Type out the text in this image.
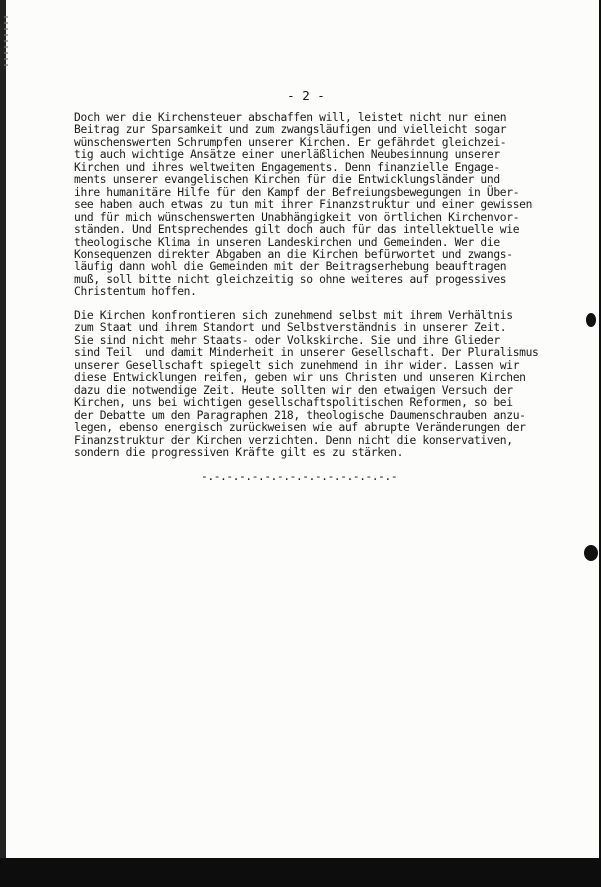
- 2 -
Doch wer die Kirchensteuer abschaffen will, leistet nicht nur einen
Beitrag zur Sparsamkeit und zum zwangsläufigen und vielleicht sogar
wünschenswerten Schrumpfen unserer Kirchen. Er gefährdet gleichzei-
tig auch wichtige Ansätze einer unerläßlichen Neubesinnung unserer
Kirchen und ihres weltweiten Engagements. Denn finanzielle Engage-
ments unserer evangelischen Kirchen für die Entwicklungsländer und
ihre humanitäre Hilfe für den Kampf der Befreiungsbewegungen in Über-
see haben auch etwas zu tun mit ihrer Finanzstruktur und einer gewissen
und für mich wünschenswerten Unabhängigkeit von örtlichen Kirchenvor-
ständen. Und Entsprechendes gilt doch auch für das intellektuelle wie
theologische Klima in unseren Landeskirchen und Gemeinden. Wer die
Konsequenzen direkter Abgaben an die Kirchen befürwortet und zwangs-
läufig dann wohl die Gemeinden mit der Beitragserhebung beauftragen
muß, soll bitte nicht gleichzeitig so ohne weiteres auf progessives
Christentum hoffen.
Die Kirchen konfrontieren sich zunehmend selbst mit ihrem Verhältnis
zum Staat und ihrem Standort und Selbstverständnis in unserer Zeit.
Sie sind nicht mehr Staats- oder Volkskirche. Sie und ihre Glieder
sind Teil  und damit Minderheit in unserer Gesellschaft. Der Pluralismus
unserer Gesellschaft spiegelt sich zunehmend in ihr wider. Lassen wir
diese Entwicklungen reifen, geben wir uns Christen und unseren Kirchen
dazu die notwendige Zeit. Heute sollten wir den etwaigen Versuch der
Kirchen, uns bei wichtigen gesellschaftspolitischen Reformen, so bei
der Debatte um den Paragraphen 218, theologische Daumenschrauben anzu-
legen, ebenso energisch zurückweisen wie auf abrupte Veränderungen der
Finanzstruktur der Kirchen verzichten. Denn nicht die konservativen,
sondern die progressiven Kräfte gilt es zu stärken.
-.-.-.-.-.-.-.-.-.-.-.-.-.-.-.-
